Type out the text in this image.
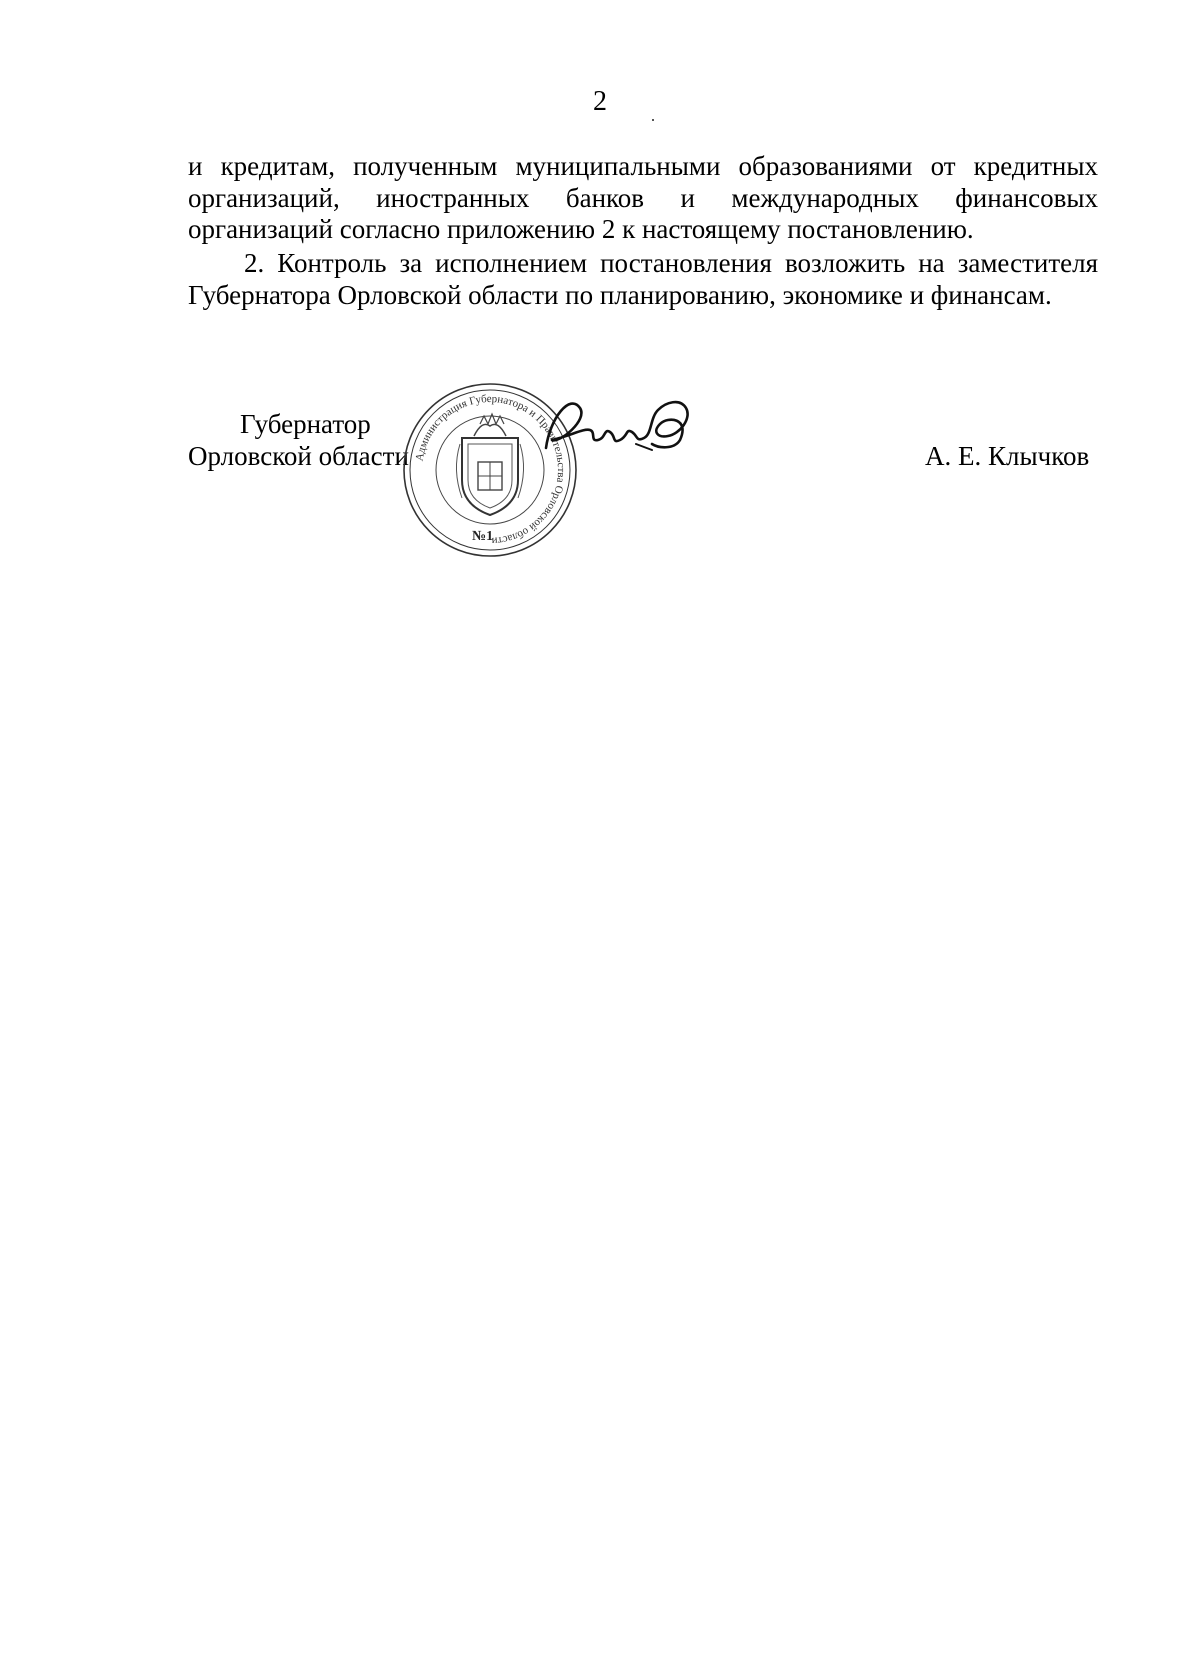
2
и кредитам, полученным муниципальными образованиями от кредитных
организаций, иностранных банков и международных финансовых
организаций согласно приложению 2 к настоящему постановлению.
2. Контроль за исполнением постановления возложить на заместителя
Губернатора Орловской области по планированию, экономике и финансам.
Губернатор
Орловской области Администрация Губернатора и Правительства Орловской области
№1
А. Е. Клычков
